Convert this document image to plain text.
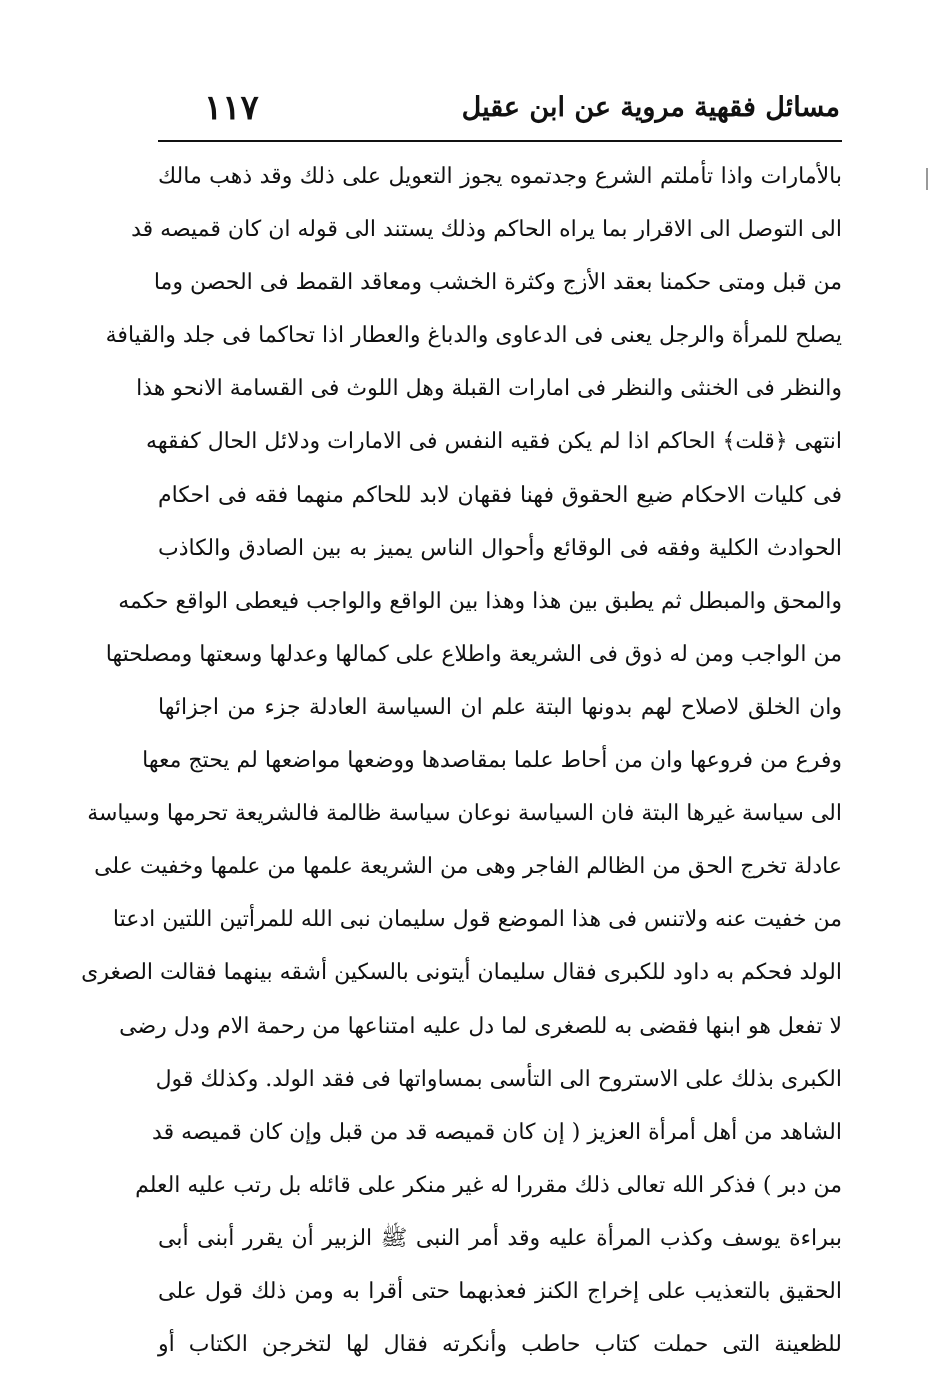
مسائل فقهية مروية عن ابن عقيل
١١٧
بالأمارات واذا تأملتم الشرع وجدتموه يجوز التعويل على ذلك وقد ذهب مالك
الى التوصل الى الاقرار بما يراه الحاكم وذلك يستند الى قوله ان كان قميصه قد
من قبل ومتى حكمنا بعقد الأزج وكثرة الخشب ومعاقد القمط فى الحصن وما
يصلح للمرأة والرجل يعنى فى الدعاوى والدباغ والعطار اذا تحاكما فى جلد والقيافة
والنظر فى الخنثى والنظر فى امارات القبلة وهل اللوث فى القسامة الانحو هذا
انتهى ﴿قلت﴾ الحاكم اذا لم يكن فقيه النفس فى الامارات ودلائل الحال كفقهه
فى كليات الاحكام ضيع الحقوق فهنا فقهان لابد للحاكم منهما فقه فى احكام
الحوادث الكلية وفقه فى الوقائع وأحوال الناس يميز به بين الصادق والكاذب
والمحق والمبطل ثم يطبق بين هذا وهذا بين الواقع والواجب فيعطى الواقع حكمه
من الواجب ومن له ذوق فى الشريعة واطلاع على كمالها وعدلها وسعتها ومصلحتها
وان الخلق لاصلاح لهم بدونها البتة علم ان السياسة العادلة جزء من اجزائها
وفرع من فروعها وان من أحاط علما بمقاصدها ووضعها مواضعها لم يحتج معها
الى سياسة غيرها البتة فان السياسة نوعان سياسة ظالمة فالشريعة تحرمها وسياسة
عادلة تخرج الحق من الظالم الفاجر وهى من الشريعة علمها من علمها وخفيت على
من خفيت عنه ولاتنس فى هذا الموضع قول سليمان نبى الله للمرأتين اللتين ادعتا
الولد فحكم به داود للكبرى فقال سليمان أيتونى بالسكين أشقه بينهما فقالت الصغرى
لا تفعل هو ابنها فقضى به للصغرى لما دل عليه امتناعها من رحمة الام ودل رضى
الكبرى بذلك على الاستروح الى التأسى بمساواتها فى فقد الولد. وكذلك قول
الشاهد من أهل أمرأة العزيز ( إن كان قميصه قد من قبل وإن كان قميصه قد
من دبر ) فذكر الله تعالى ذلك مقررا له غير منكر على قائله بل رتب عليه العلم
ببراءة يوسف وكذب المرأة عليه وقد أمر النبى ﷺ الزبير أن يقرر أبنى أبى
الحقيق بالتعذيب على إخراج الكنز فعذبهما حتى أقرا به ومن ذلك قول على
للظعينة التى حملت كتاب حاطب وأنكرته فقال لها لتخرجن الكتاب أو
